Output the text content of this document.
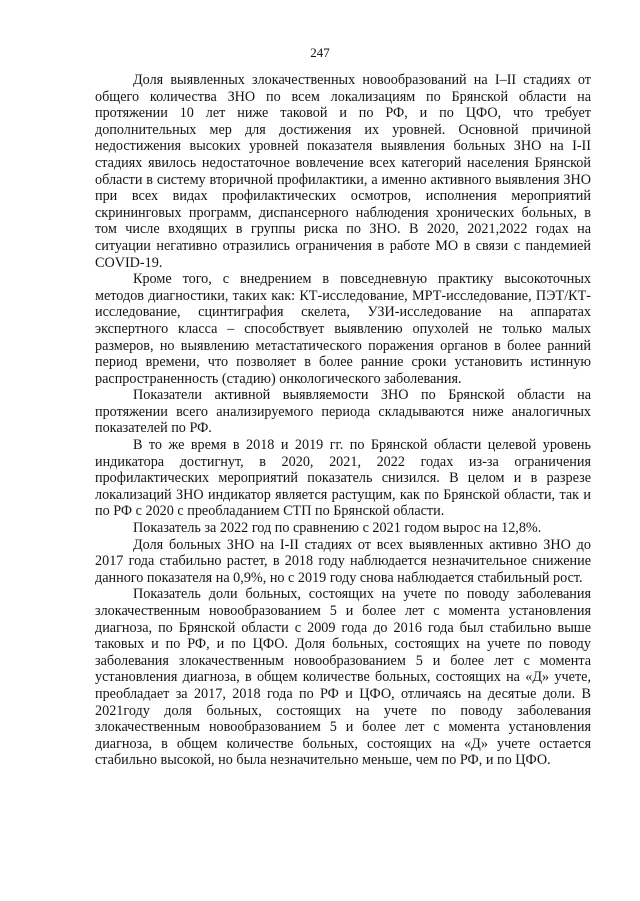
247

Доля выявленных злокачественных новообразований на I–II стадиях от общего количества ЗНО по всем локализациям по Брянской области на протяжении 10 лет ниже таковой и по РФ, и по ЦФО, что требует дополнительных мер для достижения их уровней. Основной причиной недостижения высоких уровней показателя выявления больных ЗНО на I-II стадиях явилось недостаточное вовлечение всех категорий населения Брянской области в систему вторичной профилактики, а именно активного выявления ЗНО при всех видах профилактических осмотров, исполнения мероприятий скрининговых программ, диспансерного наблюдения хронических больных, в том числе входящих в группы риска по ЗНО. В 2020, 2021,2022 годах на ситуации негативно отразились ограничения в работе МО в связи с пандемией COVID-19.

Кроме того, с внедрением в повседневную практику высокоточных методов диагностики, таких как: КТ-исследование, МРТ-исследование, ПЭТ/КТ-исследование, сцинтиграфия скелета, УЗИ-исследование на аппаратах экспертного класса – способствует выявлению опухолей не только малых размеров, но выявлению метастатического поражения органов в более ранний период времени, что позволяет в более ранние сроки установить истинную распространенность (стадию) онкологического заболевания.

Показатели активной выявляемости ЗНО по Брянской области на протяжении всего анализируемого периода складываются ниже аналогичных показателей по РФ.

В то же время в 2018 и 2019 гг. по Брянской области целевой уровень индикатора достигнут, в 2020, 2021, 2022 годах из-за ограничения профилактических мероприятий показатель снизился. В целом и в разрезе локализаций ЗНО индикатор является растущим, как по Брянской области, так и по РФ с 2020 с преобладанием СТП по Брянской области.

Показатель за 2022 год по сравнению с 2021 годом вырос на 12,8%.

Доля больных ЗНО на I-II стадиях от всех выявленных активно ЗНО до 2017 года стабильно растет, в 2018 году наблюдается незначительное снижение данного показателя на 0,9%, но с 2019 году снова наблюдается стабильный рост.

Показатель доли больных, состоящих на учете по поводу заболевания злокачественным новообразованием 5 и более лет с момента установления диагноза, по Брянской области с 2009 года до 2016 года был стабильно выше таковых и по РФ, и по ЦФО. Доля больных, состоящих на учете по поводу заболевания злокачественным новообразованием 5 и более лет с момента установления диагноза, в общем количестве больных, состоящих на «Д» учете, преобладает за 2017, 2018 года по РФ и ЦФО, отличаясь на десятые доли. В 2021году доля больных, состоящих на учете по поводу заболевания злокачественным новообразованием 5 и более лет с момента установления диагноза, в общем количестве больных, состоящих на «Д» учете остается стабильно высокой, но была незначительно меньше, чем по РФ, и по ЦФО.
